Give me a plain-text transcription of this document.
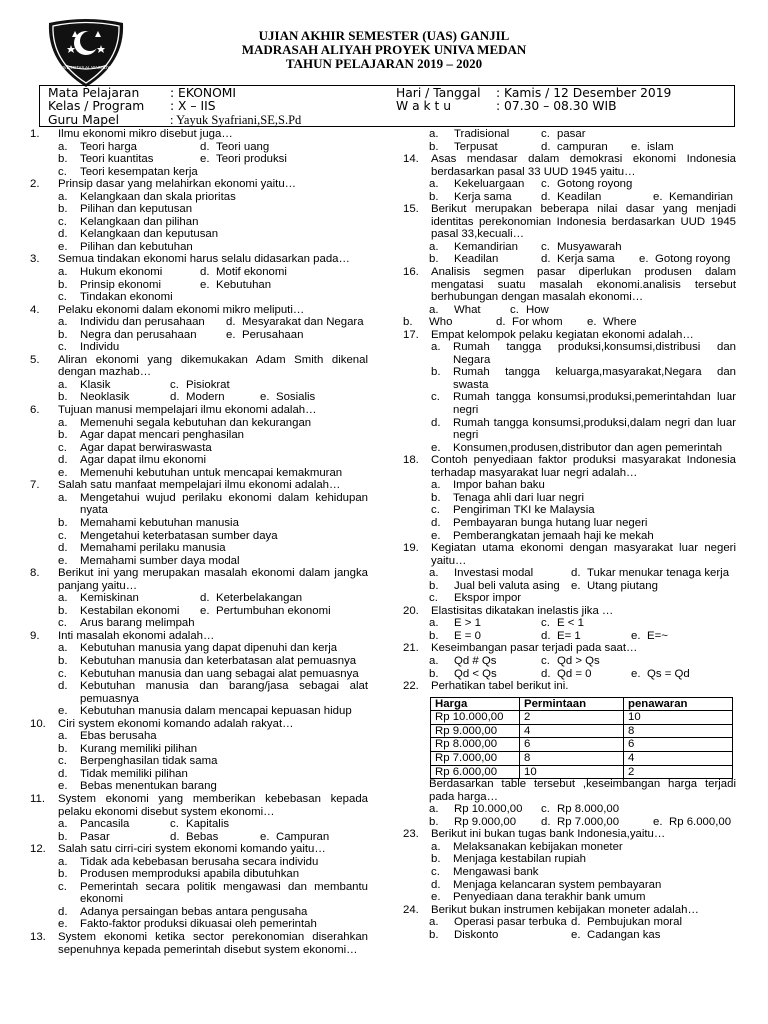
UNIVERSITAS AL WASHLIYAH
UJIAN AKHIR SEMESTER (UAS) GANJIL
MADRASAH ALIYAH PROYEK UNIVA MEDAN
TAHUN PELAJARAN 2019 – 2020
Mata Pelajaran	: EKONOMI
Kelas / Program : X – IIS
Guru Mapel	: Yayuk Syafriani,SE,S.Pd
Hari / Tanggal : Kamis / 12 Desember 2019
W a k t u	: 07.30 – 08.30 WIB
1. Ilmu ekonomi mikro disebut juga…
a. Teori harga	d. Teori uang
b. Teori kuantitas	e. Teori produksi
c. Teori kesempatan kerja
2. Prinsip dasar yang melahirkan ekonomi yaitu…
a. Kelangkaan dan skala prioritas
b. Pilihan dan keputusan
c. Kelangkaan dan pilihan
d. Kelangkaan dan keputusan
e. Pilihan dan kebutuhan
3. Semua tindakan ekonomi harus selalu didasarkan pada…
a. Hukum ekonomi	d. Motif ekonomi
b. Prinsip ekonomi	e. Kebutuhan
c. Tindakan ekonomi
4. Pelaku ekonomi dalam ekonomi mikro meliputi…
a. Individu dan perusahaan d. Mesyarakat dan Negara
b. Negra dan perusahaan	e. Perusahaan
c. Individu
5. Aliran ekonomi yang dikemukakan Adam Smith dikenal dengan mazhab…
a. Klasik	c. Pisiokrat
b. Neoklasik	d. Modern	e. Sosialis
6. Tujuan manusi mempelajari ilmu ekonomi adalah…
a. Memenuhi segala kebutuhan dan kekurangan
b. Agar dapat mencari penghasilan
c. Agar dapat berwiraswasta
d. Agar dapat ilmu ekonomi
e. Memenuhi kebutuhan untuk mencapai kemakmuran
7. Salah satu manfaat mempelajari ilmu ekonomi adalah…
a. Mengetahui wujud perilaku ekonomi dalam kehidupan nyata
b. Memahami kebutuhan manusia
c. Mengetahui keterbatasan sumber daya
d. Memahami perilaku manusia
e. Memahami sumber daya modal
8. Berikut ini yang merupakan masalah ekonomi dalam jangka panjang yaitu…
a. Kemiskinan	d. Keterbelakangan
b. Kestabilan ekonomi e. Pertumbuhan ekonomi
c. Arus barang melimpah
9. Inti masalah ekonomi adalah…
a. Kebutuhan manusia yang dapat dipenuhi dan kerja
b. Kebutuhan manusia dan keterbatasan alat pemuasnya
c. Kebutuhan manusia dan uang sebagai alat pemuasnya
d. Kebutuhan manusia dan barang/jasa sebagai alat pemuasnya
e. Kebutuhan manusia dalam mencapai kepuasan hidup
10. Ciri system ekonomi komando adalah rakyat…
a. Ebas berusaha
b. Kurang memiliki pilihan
c. Berpenghasilan tidak sama
d. Tidak memiliki pilihan
e. Bebas menentukan barang
11. System ekonomi yang memberikan kebebasan kepada pelaku ekonomi disebut system ekonomi…
a. Pancasila	c. Kapitalis
b. Pasar	d. Bebas	e. Campuran
12. Salah satu cirri-ciri system ekonomi komando yaitu…
a. Tidak ada kebebasan berusaha secara individu
b. Produsen memproduksi apabila dibutuhkan
c. Pemerintah secara politik mengawasi dan membantu ekonomi
d. Adanya persaingan bebas antara pengusaha
e. Fakto-faktor produksi dikuasai oleh pemerintah
13. System ekonomi ketika sector perekonomian diserahkan sepenuhnya kepada pemerintah disebut system ekonomi…
a. Tradisional	c. pasar
b. Terpusat	d. campuran e. islam
14. Asas mendasar dalam demokrasi ekonomi Indonesia berdasarkan pasal 33 UUD 1945 yaitu…
a. Kekeluargaan c. Gotong royong
b. Kerja sama	d. Keadilan	e. Kemandirian
15. Berikut merupakan beberapa nilai dasar yang menjadi identitas perekonomian Indonesia berdasarkan UUD 1945 pasal 33,kecuali…
a. Kemandirian c. Musyawarah
b. Keadilan	d. Kerja sama e. Gotong royong
16. Analisis segmen pasar diperlukan produsen dalam mengatasi suatu masalah ekonomi.analisis tersebut berhubungan dengan masalah ekonomi…
a. What	c. How
b. Who	d. For whom e. Where
17. Empat kelompok pelaku kegiatan ekonomi adalah…
a. Rumah tangga produksi,konsumsi,distribusi dan Negara
b. Rumah tangga keluarga,masyarakat,Negara dan swasta
c. Rumah tangga konsumsi,produksi,pemerintahdan luar negri
d. Rumah tangga konsumsi,produksi,dalam negri dan luar negri
e. Konsumen,produsen,distributor dan agen pemerintah
18. Contoh penyediaan faktor produksi masyarakat Indonesia terhadap masyarakat luar negri adalah…
a. Impor bahan baku
b. Tenaga ahli dari luar negri
c. Pengiriman TKI ke Malaysia
d. Pembayaran bunga hutang luar negeri
e. Pemberangkatan jemaah haji ke mekah
19. Kegiatan utama ekonomi dengan masyarakat luar negeri yaitu…
a. Investasi modal	d. Tukar menukar tenaga kerja
b. Jual beli valuta asing e. Utang piutang
c. Ekspor impor
20. Elastisitas dikatakan inelastis jika …
a. E > 1	c. E < 1
b. E = 0	d. E= 1	e. E=~
21. Keseimbangan pasar terjadi pada saat…
a. Qd # Qs	c. Qd > Qs
b. Qd < Qs	d. Qd = 0	e. Qs = Qd
22. Perhatikan tabel berikut ini.
Harga	Permintaan	penawaran
Rp 10.000,00	2	10
Rp 9.000,00	4	8
Rp 8.000,00	6	6
Rp 7.000,00	8	4
Rp 6.000,00	10	2
Berdasarkan table tersebut ,keseimbangan harga terjadi pada harga…
a. Rp 10.000,00 c. Rp 8.000,00
b. Rp 9.000,00 d. Rp 7.000,00	e. Rp 6.000,00
23. Berikut ini bukan tugas bank Indonesia,yaitu…
a. Melaksanakan kebijakan moneter
b. Menjaga kestabilan rupiah
c. Mengawasi bank
d. Menjaga kelancaran system pembayaran
e. Penyediaan dana terakhir bank umum
24. Berikut bukan instrumen kebijakan moneter adalah…
a. Operasi pasar terbuka d. Pembujukan moral
b. Diskonto	e. Cadangan kas
